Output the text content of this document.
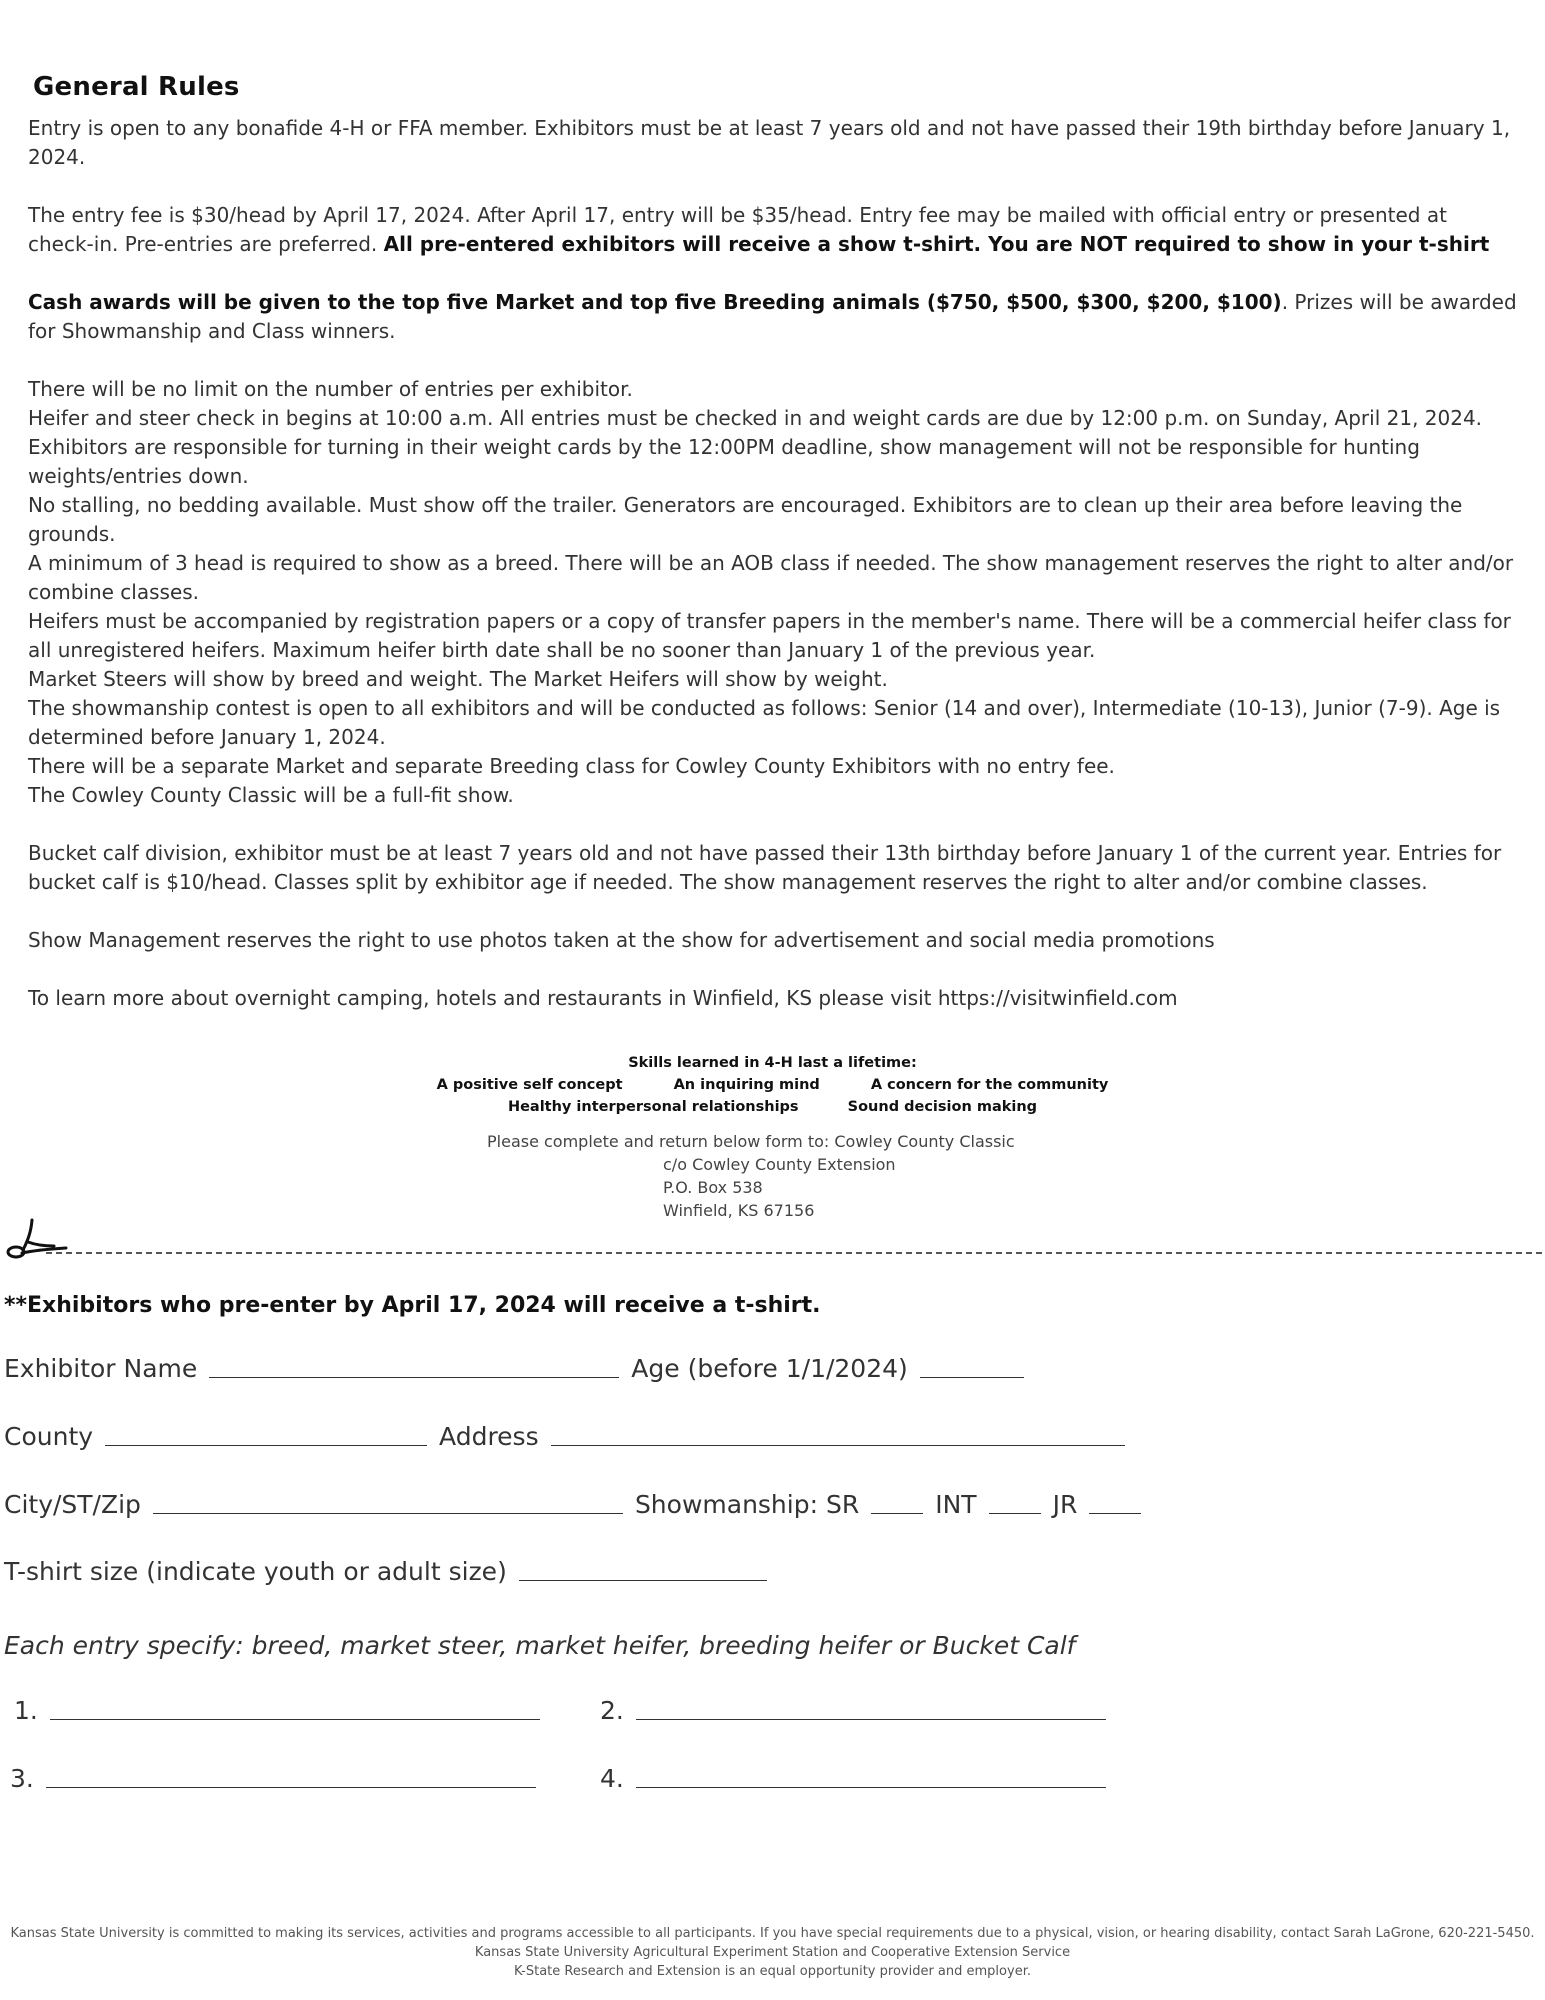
General Rules

Entry is open to any bonafide 4-H or FFA member. Exhibitors must be at least 7 years old and not have passed their 19th birthday before January 1, 2024.

The entry fee is $30/head by April 17, 2024. After April 17, entry will be $35/head. Entry fee may be mailed with official entry or presented at check-in. Pre-entries are preferred. All pre-entered exhibitors will receive a show t-shirt. You are NOT required to show in your t-shirt

Cash awards will be given to the top five Market and top five Breeding animals ($750, $500, $300, $200, $100). Prizes will be awarded for Showmanship and Class winners.

There will be no limit on the number of entries per exhibitor.

Heifer and steer check in begins at 10:00 a.m. All entries must be checked in and weight cards are due by 12:00 p.m. on Sunday, April 21, 2024.

Exhibitors are responsible for turning in their weight cards by the 12:00PM deadline, show management will not be responsible for hunting weights/entries down.

No stalling, no bedding available. Must show off the trailer. Generators are encouraged. Exhibitors are to clean up their area before leaving the grounds.

A minimum of 3 head is required to show as a breed. There will be an AOB class if needed. The show management reserves the right to alter and/or combine classes.

Heifers must be accompanied by registration papers or a copy of transfer papers in the member's name. There will be a commercial heifer class for all unregistered heifers. Maximum heifer birth date shall be no sooner than January 1 of the previous year.

Market Steers will show by breed and weight. The Market Heifers will show by weight.

The showmanship contest is open to all exhibitors and will be conducted as follows: Senior (14 and over), Intermediate (10-13), Junior (7-9). Age is determined before January 1, 2024.

There will be a separate Market and separate Breeding class for Cowley County Exhibitors with no entry fee.

The Cowley County Classic will be a full-fit show.

Bucket calf division, exhibitor must be at least 7 years old and not have passed their 13th birthday before January 1 of the current year. Entries for bucket calf is $10/head. Classes split by exhibitor age if needed. The show management reserves the right to alter and/or combine classes.

Show Management reserves the right to use photos taken at the show for advertisement and social media promotions

To learn more about overnight camping, hotels and restaurants in Winfield, KS please visit https://visitwinfield.com

Skills learned in 4-H last a lifetime:
A positive self concept	An inquiring mind	A concern for the community
Healthy interpersonal relationships	Sound decision making
Please complete and return below form to: Cowley County Classic
c/o Cowley County Extension
P.O. Box 538
Winfield, KS 67156
**Exhibitors who pre-enter by April 17, 2024 will receive a t-shirt.
Exhibitor Name	Age (before 1/1/2024)
County	Address
City/ST/Zip	Showmanship: SR	INT	JR
T-shirt size (indicate youth or adult size)
Each entry specify: breed, market steer, market heifer, breeding heifer or Bucket Calf
1.	2.
3.	4.
Kansas State University is committed to making its services, activities and programs accessible to all participants. If you have special requirements due to a physical, vision, or hearing disability, contact Sarah LaGrone, 620-221-5450.
Kansas State University Agricultural Experiment Station and Cooperative Extension Service
K-State Research and Extension is an equal opportunity provider and employer.
